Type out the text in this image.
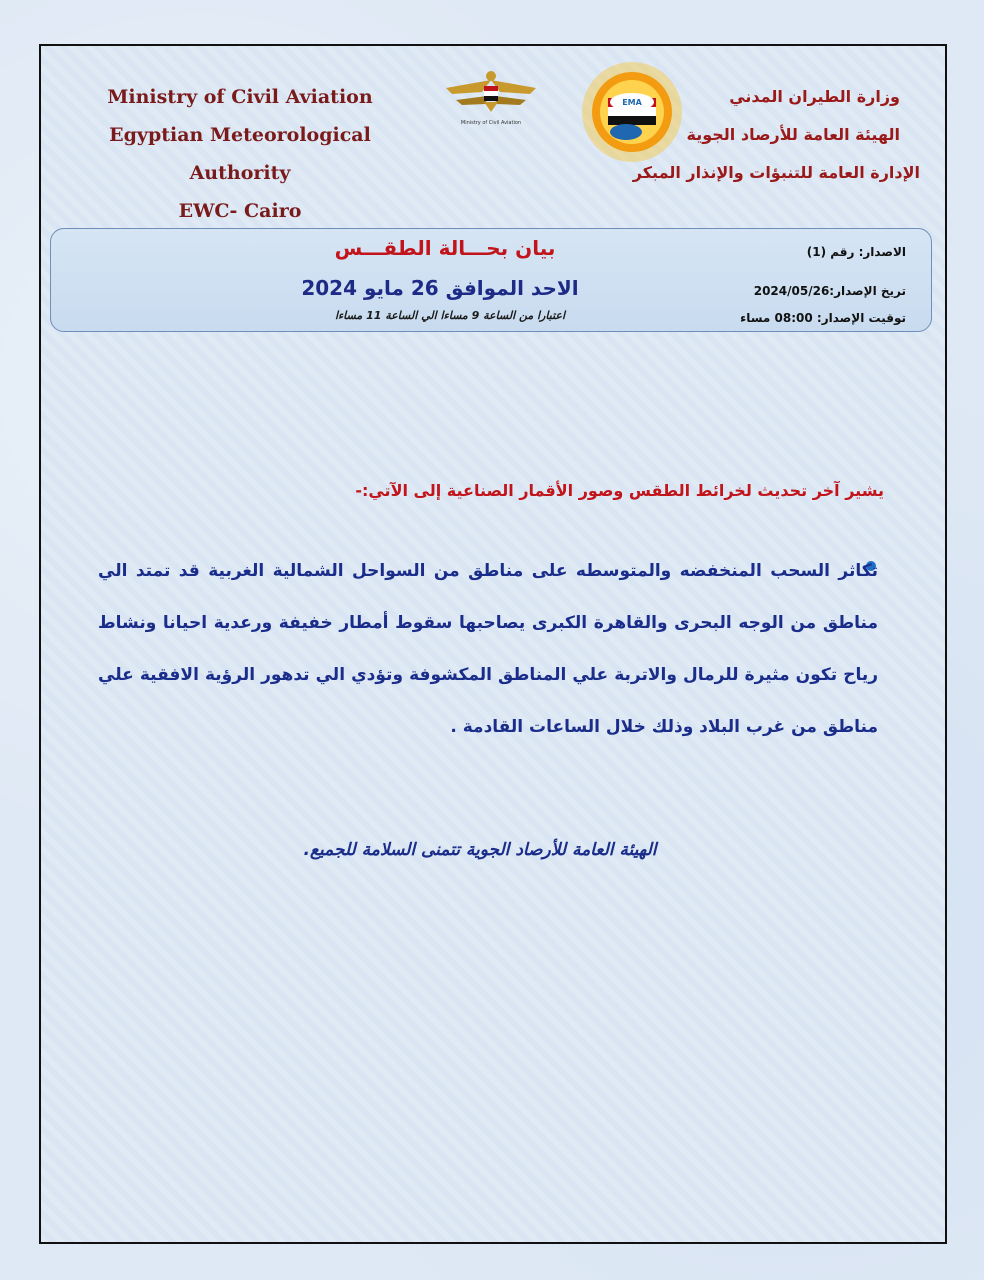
Ministry of Civil Aviation
Egyptian Meteorological Authority
EWC- Cairo
Ministry of Civil Aviation
EMA	وزارة الطيران المدني
الهيئة العامة للأرصاد الجوية
الإدارة العامة للتنبؤات والإنذار المبكر
بيان بحـــالة الطقـــس
الاحد الموافق 26 مايو 2024
اعتبارا من الساعة 9 مساءا الي الساعة 11 مساءا
الاصدار: رقم (1)
تريخ الإصدار:2024/05/26
توقيت الإصدار: 08:00 مساء
يشير آخر تحديث لخرائط الطقس وصور الأقمار الصناعية إلى الآتي:-
تكاثر السحب المنخفضه والمتوسطه على مناطق من السواحل الشمالية الغربية قد تمتد الي مناطق من الوجه البحرى والقاهرة الكبرى يصاحبها سقوط أمطار خفيفة ورعدية احيانا ونشاط رياح تكون مثيرة للرمال والاتربة علي المناطق المكشوفة وتؤدي الي تدهور الرؤية الافقية علي مناطق من غرب البلاد وذلك خلال الساعات القادمة .
الهيئة العامة للأرصاد الجوية تتمنى السلامة للجميع.
